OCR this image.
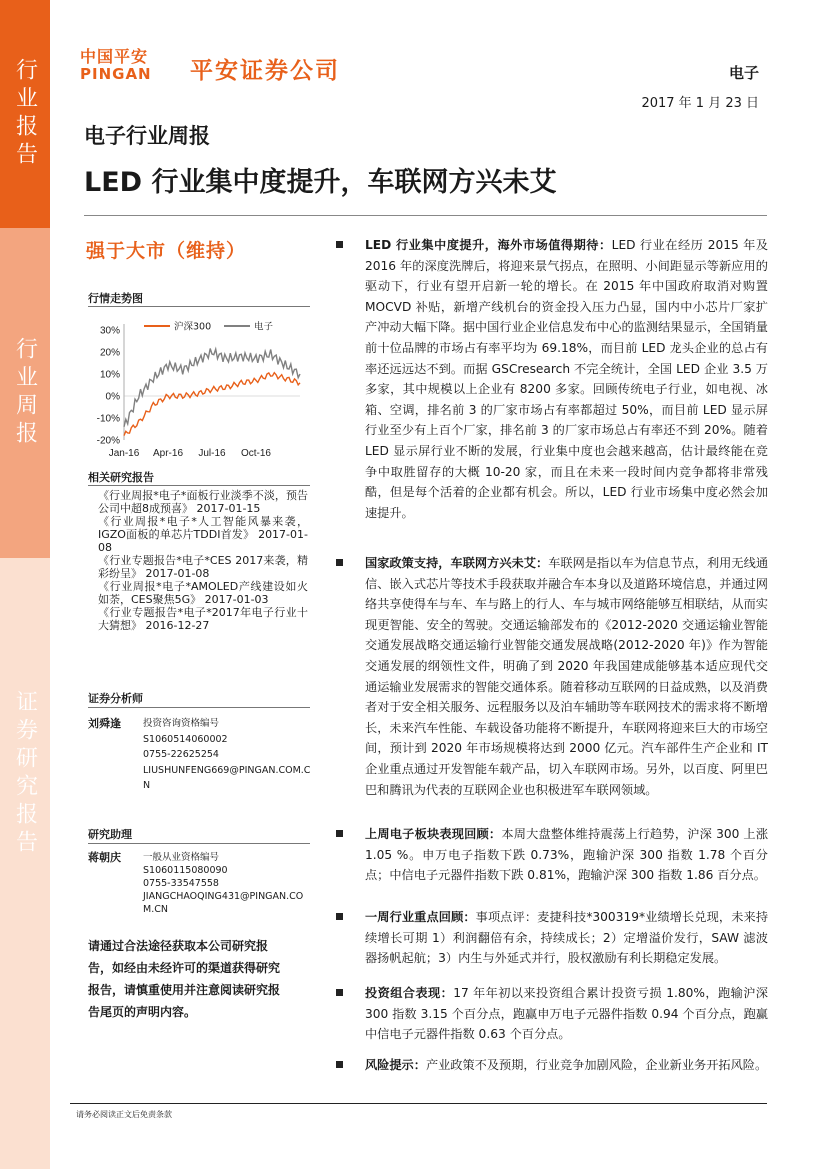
行业报告
行业周报
证券研究报告
中国平安
PINGAN 平安证券公司	电子
2017 年 1 月 23 日
电子行业周报
LED 行业集中度提升，车联网方兴未艾
强于大市（维持）
行情走势图
-20%
-10%
0%
10%
20%
30%
Jan-16 Apr-16 Jul-16 Oct-16
沪深300	电子
相关研究报告
《行业周报*电子*面板行业淡季不淡，预告公司中超8成预喜》 2017-01-15
《行业周报*电子*人工智能风暴来袭，IGZO面板的单芯片TDDI首发》 2017-01-08
《行业专题报告*电子*CES 2017来袭，精彩纷呈》 2017-01-08
《行业周报*电子*AMOLED产线建设如火如荼，CES聚焦5G》 2017-01-03
《行业专题报告*电子*2017年电子行业十大猜想》 2016-12-27
证券分析师
刘舜逢 投资咨询资格编号
S1060514060002
0755-22625254
LIUSHUNFENG669@PINGAN.COM.CN
研究助理
蒋朝庆 一般从业资格编号
S1060115080090
0755-33547558
JIANGCHAOQING431@PINGAN.COM.CN
请通过合法途径获取本公司研究报告，如经由未经许可的渠道获得研究报告，请慎重使用并注意阅读研究报告尾页的声明内容。
LED 行业集中度提升，海外市场值得期待：LED 行业在经历 2015 年及 2016 年的深度洗牌后，将迎来景气拐点，在照明、小间距显示等新应用的驱动下，行业有望开启新一轮的增长。在 2015 年中国政府取消对购置 MOCVD 补贴，新增产线机台的资金投入压力凸显，国内中小芯片厂家扩产冲动大幅下降。据中国行业企业信息发布中心的监测结果显示，全国销量前十位品牌的市场占有率平均为 69.18%，而目前 LED 龙头企业的总占有率还远远达不到。而据 GSCresearch 不完全统计，全国 LED 企业 3.5 万多家，其中规模以上企业有 8200 多家。回顾传统电子行业，如电视、冰箱、空调，排名前 3 的厂家市场占有率都超过 50%，而目前 LED 显示屏行业至少有上百个厂家，排名前 3 的厂家市场总占有率还不到 20%。随着 LED 显示屏行业不断的发展，行业集中度也会越来越高，估计最终能在竞争中取胜留存的大概 10-20 家，而且在未来一段时间内竞争都将非常残酷，但是每个活着的企业都有机会。所以，LED 行业市场集中度必然会加速提升。
国家政策支持，车联网方兴未艾：车联网是指以车为信息节点，利用无线通信、嵌入式芯片等技术手段获取并融合车本身以及道路环境信息，并通过网络共享使得车与车、车与路上的行人、车与城市网络能够互相联结，从而实现更智能、安全的驾驶。交通运输部发布的《2012-2020 交通运输业智能交通发展战略交通运输行业智能交通发展战略(2012-2020 年)》作为智能交通发展的纲领性文件，明确了到 2020 年我国建成能够基本适应现代交通运输业发展需求的智能交通体系。随着移动互联网的日益成熟，以及消费者对于安全相关服务、远程服务以及泊车辅助等车联网技术的需求将不断增长，未来汽车性能、车载设备功能将不断提升，车联网将迎来巨大的市场空间，预计到 2020 年市场规模将达到 2000 亿元。汽车部件生产企业和 IT 企业重点通过开发智能车载产品，切入车联网市场。另外，以百度、阿里巴巴和腾讯为代表的互联网企业也积极进军车联网领域。
上周电子板块表现回顾：本周大盘整体维持震荡上行趋势，沪深 300 上涨 1.05 %。申万电子指数下跌 0.73%，跑输沪深 300 指数 1.78 个百分点；中信电子元器件指数下跌 0.81%，跑输沪深 300 指数 1.86 百分点。
一周行业重点回顾：事项点评：麦捷科技*300319*业绩增长兑现，未来持续增长可期 1）利润翻倍有余，持续成长；2）定增溢价发行，SAW 滤波器扬帆起航；3）内生与外延式并行，股权激励有利长期稳定发展。
投资组合表现：17 年年初以来投资组合累计投资亏损 1.80%，跑输沪深 300 指数 3.15 个百分点，跑赢申万电子元器件指数 0.94 个百分点，跑赢中信电子元器件指数 0.63 个百分点。
风险提示：产业政策不及预期，行业竞争加剧风险，企业新业务开拓风险。
请务必阅读正文后免责条款
